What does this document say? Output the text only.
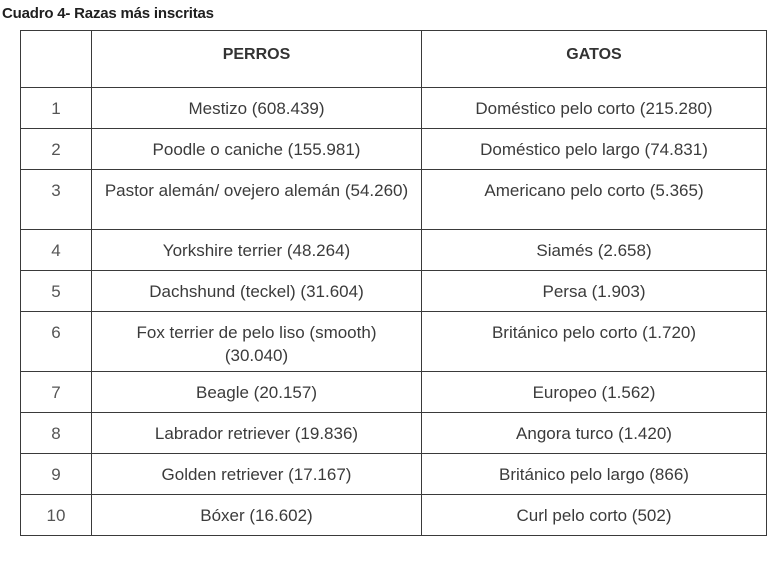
Cuadro 4- Razas más inscritas
	PERROS	GATOS
1	Mestizo (608.439)	Doméstico pelo corto (215.280)
2	Poodle o caniche (155.981)	Doméstico pelo largo (74.831)
3	Pastor alemán/ ovejero alemán (54.260)	Americano pelo corto (5.365)
4	Yorkshire terrier (48.264)	Siamés (2.658)
5	Dachshund (teckel) (31.604)	Persa (1.903)
6	Fox terrier de pelo liso (smooth) (30.040)	Británico pelo corto (1.720)
7	Beagle (20.157)	Europeo (1.562)
8	Labrador retriever (19.836)	Angora turco (1.420)
9	Golden retriever (17.167)	Británico pelo largo (866)
10	Bóxer (16.602)	Curl pelo corto (502)
